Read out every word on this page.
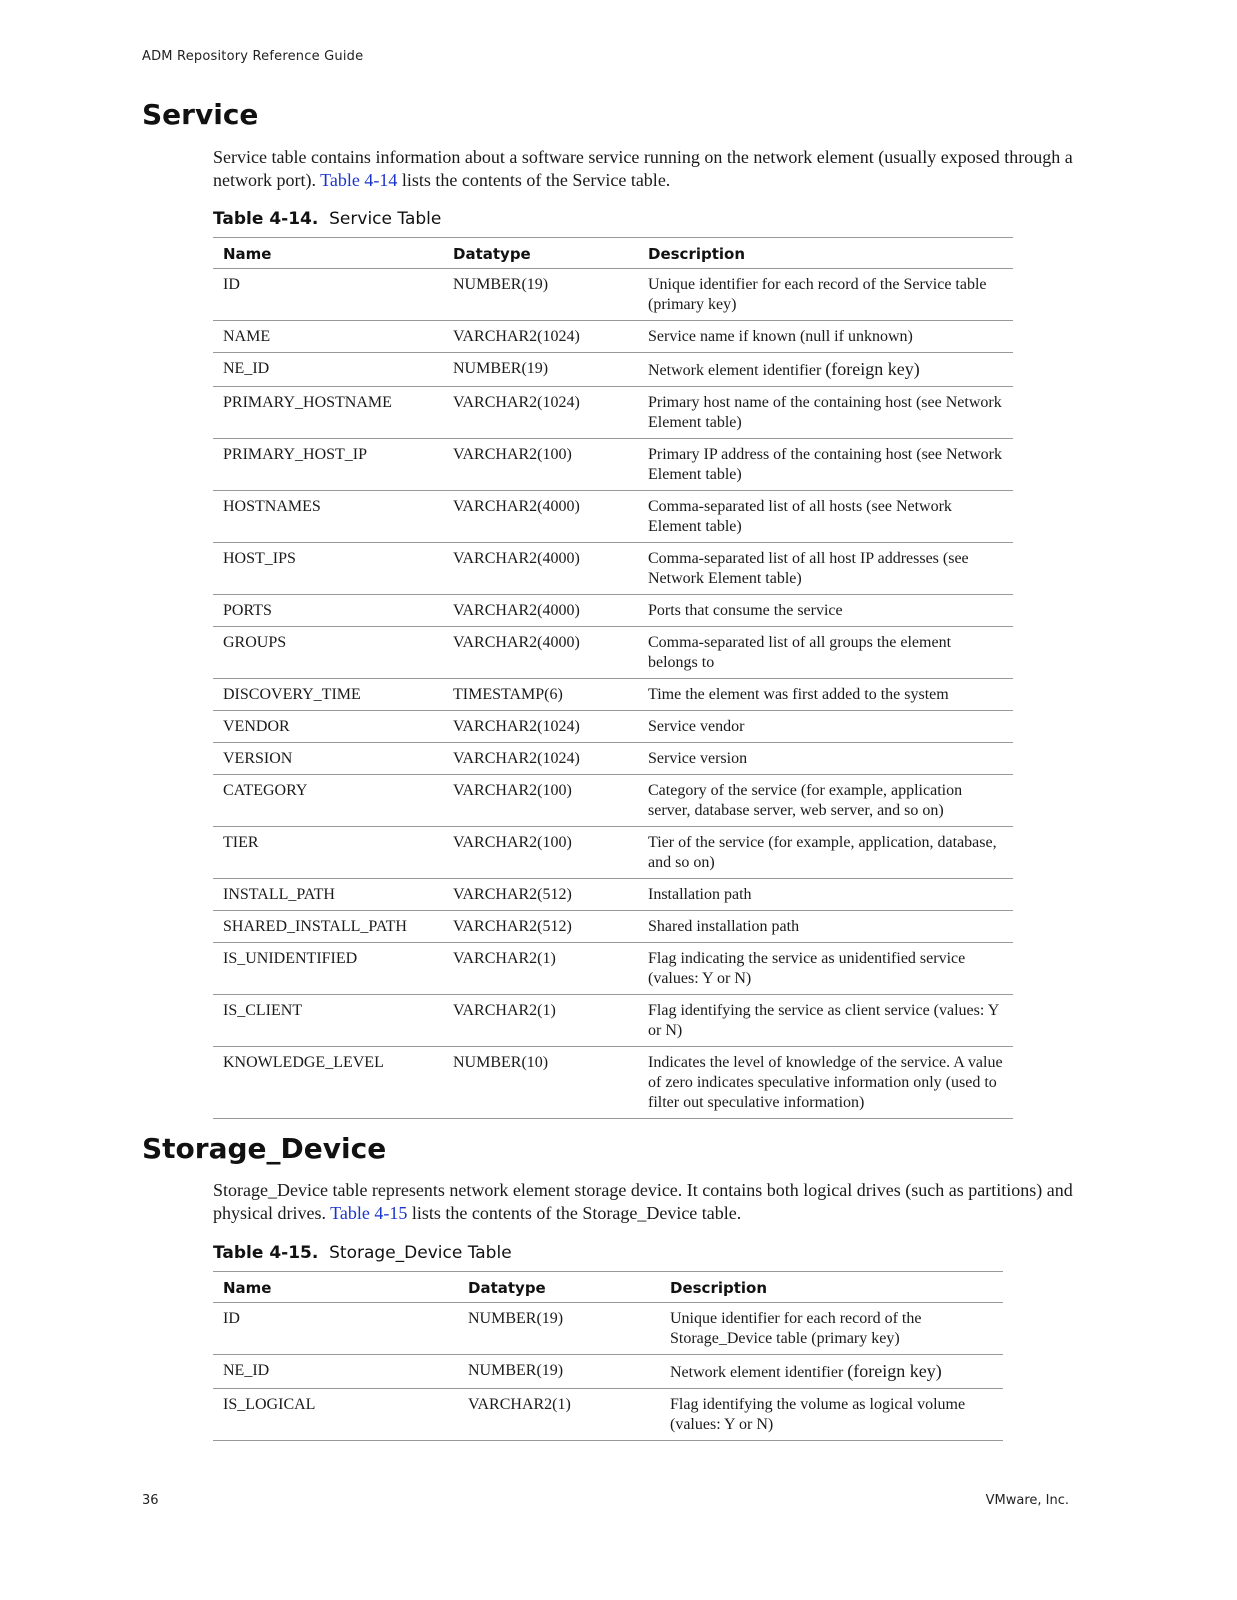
ADM Repository Reference Guide
Service

Service table contains information about a software service running on the network element (usually exposed through a network port). Table 4-14 lists the contents of the Service table.

Table 4-14. Service Table
Name	Datatype	Description
ID	NUMBER(19)	Unique identifier for each record of the Service table (primary key)
NAME	VARCHAR2(1024)	Service name if known (null if unknown)
NE_ID	NUMBER(19)	Network element identifier (foreign key)
PRIMARY_HOSTNAME	VARCHAR2(1024)	Primary host name of the containing host (see Network Element table)
PRIMARY_HOST_IP	VARCHAR2(100)	Primary IP address of the containing host (see Network Element table)
HOSTNAMES	VARCHAR2(4000)	Comma-separated list of all hosts (see Network Element table)
HOST_IPS	VARCHAR2(4000)	Comma-separated list of all host IP addresses (see Network Element table)
PORTS	VARCHAR2(4000)	Ports that consume the service
GROUPS	VARCHAR2(4000)	Comma-separated list of all groups the element belongs to
DISCOVERY_TIME	TIMESTAMP(6)	Time the element was first added to the system
VENDOR	VARCHAR2(1024)	Service vendor
VERSION	VARCHAR2(1024)	Service version
CATEGORY	VARCHAR2(100)	Category of the service (for example, application server, database server, web server, and so on)
TIER	VARCHAR2(100)	Tier of the service (for example, application, database, and so on)
INSTALL_PATH	VARCHAR2(512)	Installation path
SHARED_INSTALL_PATH	VARCHAR2(512)	Shared installation path
IS_UNIDENTIFIED	VARCHAR2(1)	Flag indicating the service as unidentified service (values: Y or N)
IS_CLIENT	VARCHAR2(1)	Flag identifying the service as client service (values: Y or N)
KNOWLEDGE_LEVEL	NUMBER(10)	Indicates the level of knowledge of the service. A value of zero indicates speculative information only (used to filter out speculative information)
Storage_Device

Storage_Device table represents network element storage device. It contains both logical drives (such as partitions) and physical drives. Table 4-15 lists the contents of the Storage_Device table.

Table 4-15. Storage_Device Table
Name	Datatype	Description
ID	NUMBER(19)	Unique identifier for each record of the Storage_Device table (primary key)
NE_ID	NUMBER(19)	Network element identifier (foreign key)
IS_LOGICAL	VARCHAR2(1)	Flag identifying the volume as logical volume (values: Y or N)
36	VMware, Inc.
